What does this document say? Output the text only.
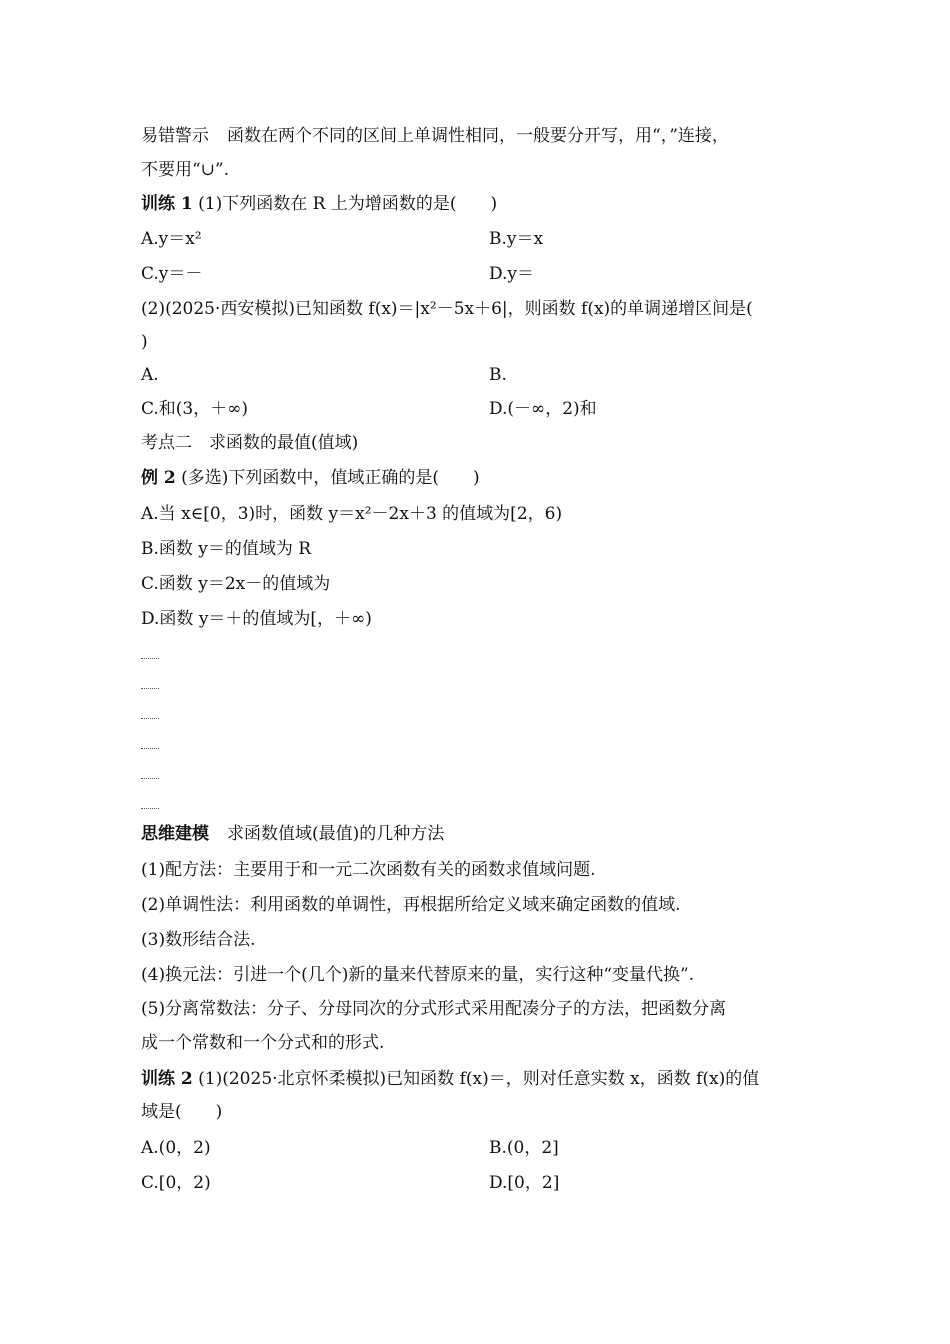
易错警示 函数在两个不同的区间上单调性相同，一般要分开写，用“，”连接，
不要用“∪”.
训练 1 (1)下列函数在 R 上为增函数的是(　　)
A.y＝x²	B.y＝x
C.y＝－	D.y＝
(2)(2025·西安模拟)已知函数 f(x)＝|x²－5x＋6|，则函数 f(x)的单调递增区间是(
)
A.	B.
C.和(3，＋∞)	D.(－∞，2)和
考点二　求函数的最值(值域)
例 2 (多选)下列函数中，值域正确的是(　　)
A.当 x∈[0，3)时，函数 y＝x²－2x＋3 的值域为[2，6)
B.函数 y＝的值域为 R
C.函数 y＝2x－的值域为
D.函数 y＝＋的值域为[，＋∞)
思维建模 求函数值域(最值)的几种方法
(1)配方法：主要用于和一元二次函数有关的函数求值域问题.
(2)单调性法：利用函数的单调性，再根据所给定义域来确定函数的值域.
(3)数形结合法.
(4)换元法：引进一个(几个)新的量来代替原来的量，实行这种“变量代换”.
(5)分离常数法：分子、分母同次的分式形式采用配凑分子的方法，把函数分离
成一个常数和一个分式和的形式.
训练 2 (1)(2025·北京怀柔模拟)已知函数 f(x)＝，则对任意实数 x，函数 f(x)的值
域是(　　)
A.(0，2)	B.(0，2]
C.[0，2)	D.[0，2]
